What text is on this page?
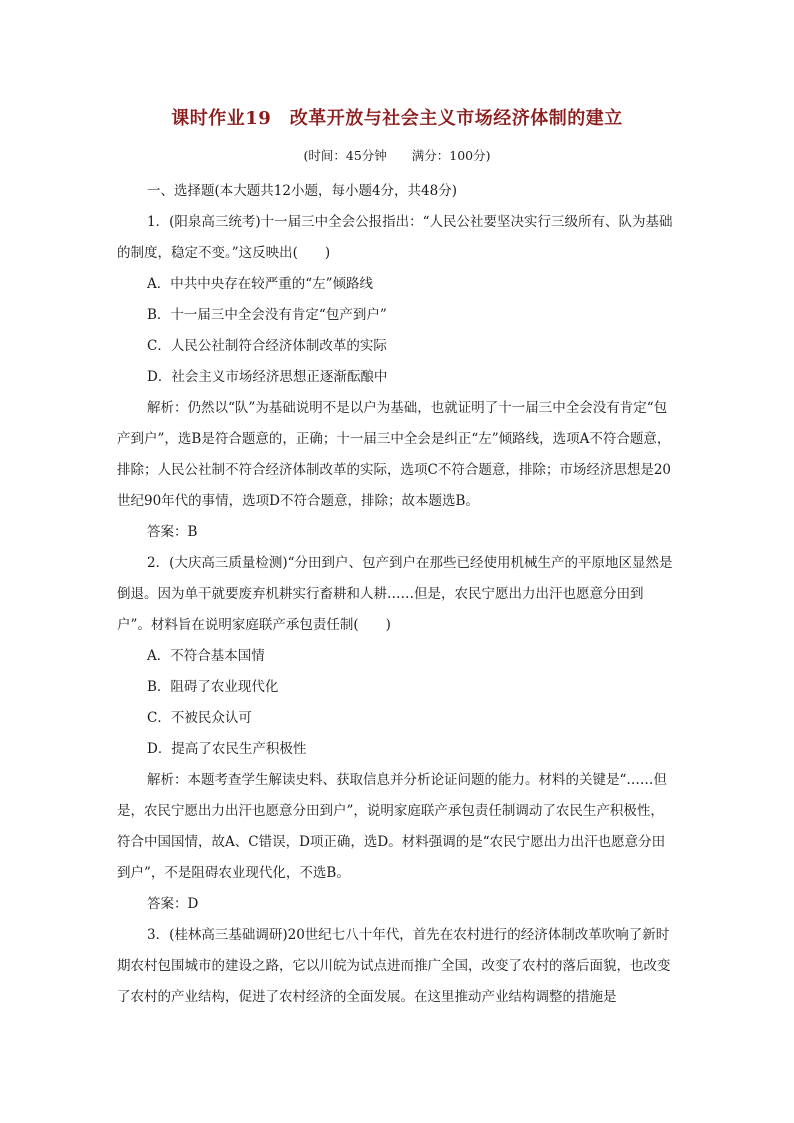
课时作业19　改革开放与社会主义市场经济体制的建立
(时间：45分钟　　满分：100分)

一、选择题(本大题共12小题，每小题4分，共48分)

1．(阳泉高三统考)十一届三中全会公报指出：“人民公社要坚决实行三级所有、队为基础的制度，稳定不变。”这反映出(　　)

A．中共中央存在较严重的“左”倾路线

B．十一届三中全会没有肯定“包产到户”

C．人民公社制符合经济体制改革的实际

D．社会主义市场经济思想正逐渐酝酿中

解析：仍然以“队”为基础说明不是以户为基础，也就证明了十一届三中全会没有肯定“包产到户”，选B是符合题意的，正确；十一届三中全会是纠正“左”倾路线，选项A不符合题意，排除；人民公社制不符合经济体制改革的实际，选项C不符合题意，排除；市场经济思想是20世纪90年代的事情，选项D不符合题意，排除；故本题选B。

答案：B

2．(大庆高三质量检测)“分田到户、包产到户在那些已经使用机械生产的平原地区显然是倒退。因为单干就要废弃机耕实行畜耕和人耕……但是，农民宁愿出力出汗也愿意分田到户”。材料旨在说明家庭联产承包责任制(　　)

A．不符合基本国情

B．阻碍了农业现代化

C．不被民众认可

D．提高了农民生产积极性

解析：本题考查学生解读史料、获取信息并分析论证问题的能力。材料的关键是“……但是，农民宁愿出力出汗也愿意分田到户”，说明家庭联产承包责任制调动了农民生产积极性，符合中国国情，故A、C错误，D项正确，选D。材料强调的是“农民宁愿出力出汗也愿意分田到户”，不是阻碍农业现代化，不选B。

答案：D

3．(桂林高三基础调研)20世纪七八十年代，首先在农村进行的经济体制改革吹响了新时期农村包围城市的建设之路，它以川皖为试点进而推广全国，改变了农村的落后面貌，也改变了农村的产业结构，促进了农村经济的全面发展。在这里推动产业结构调整的措施是
